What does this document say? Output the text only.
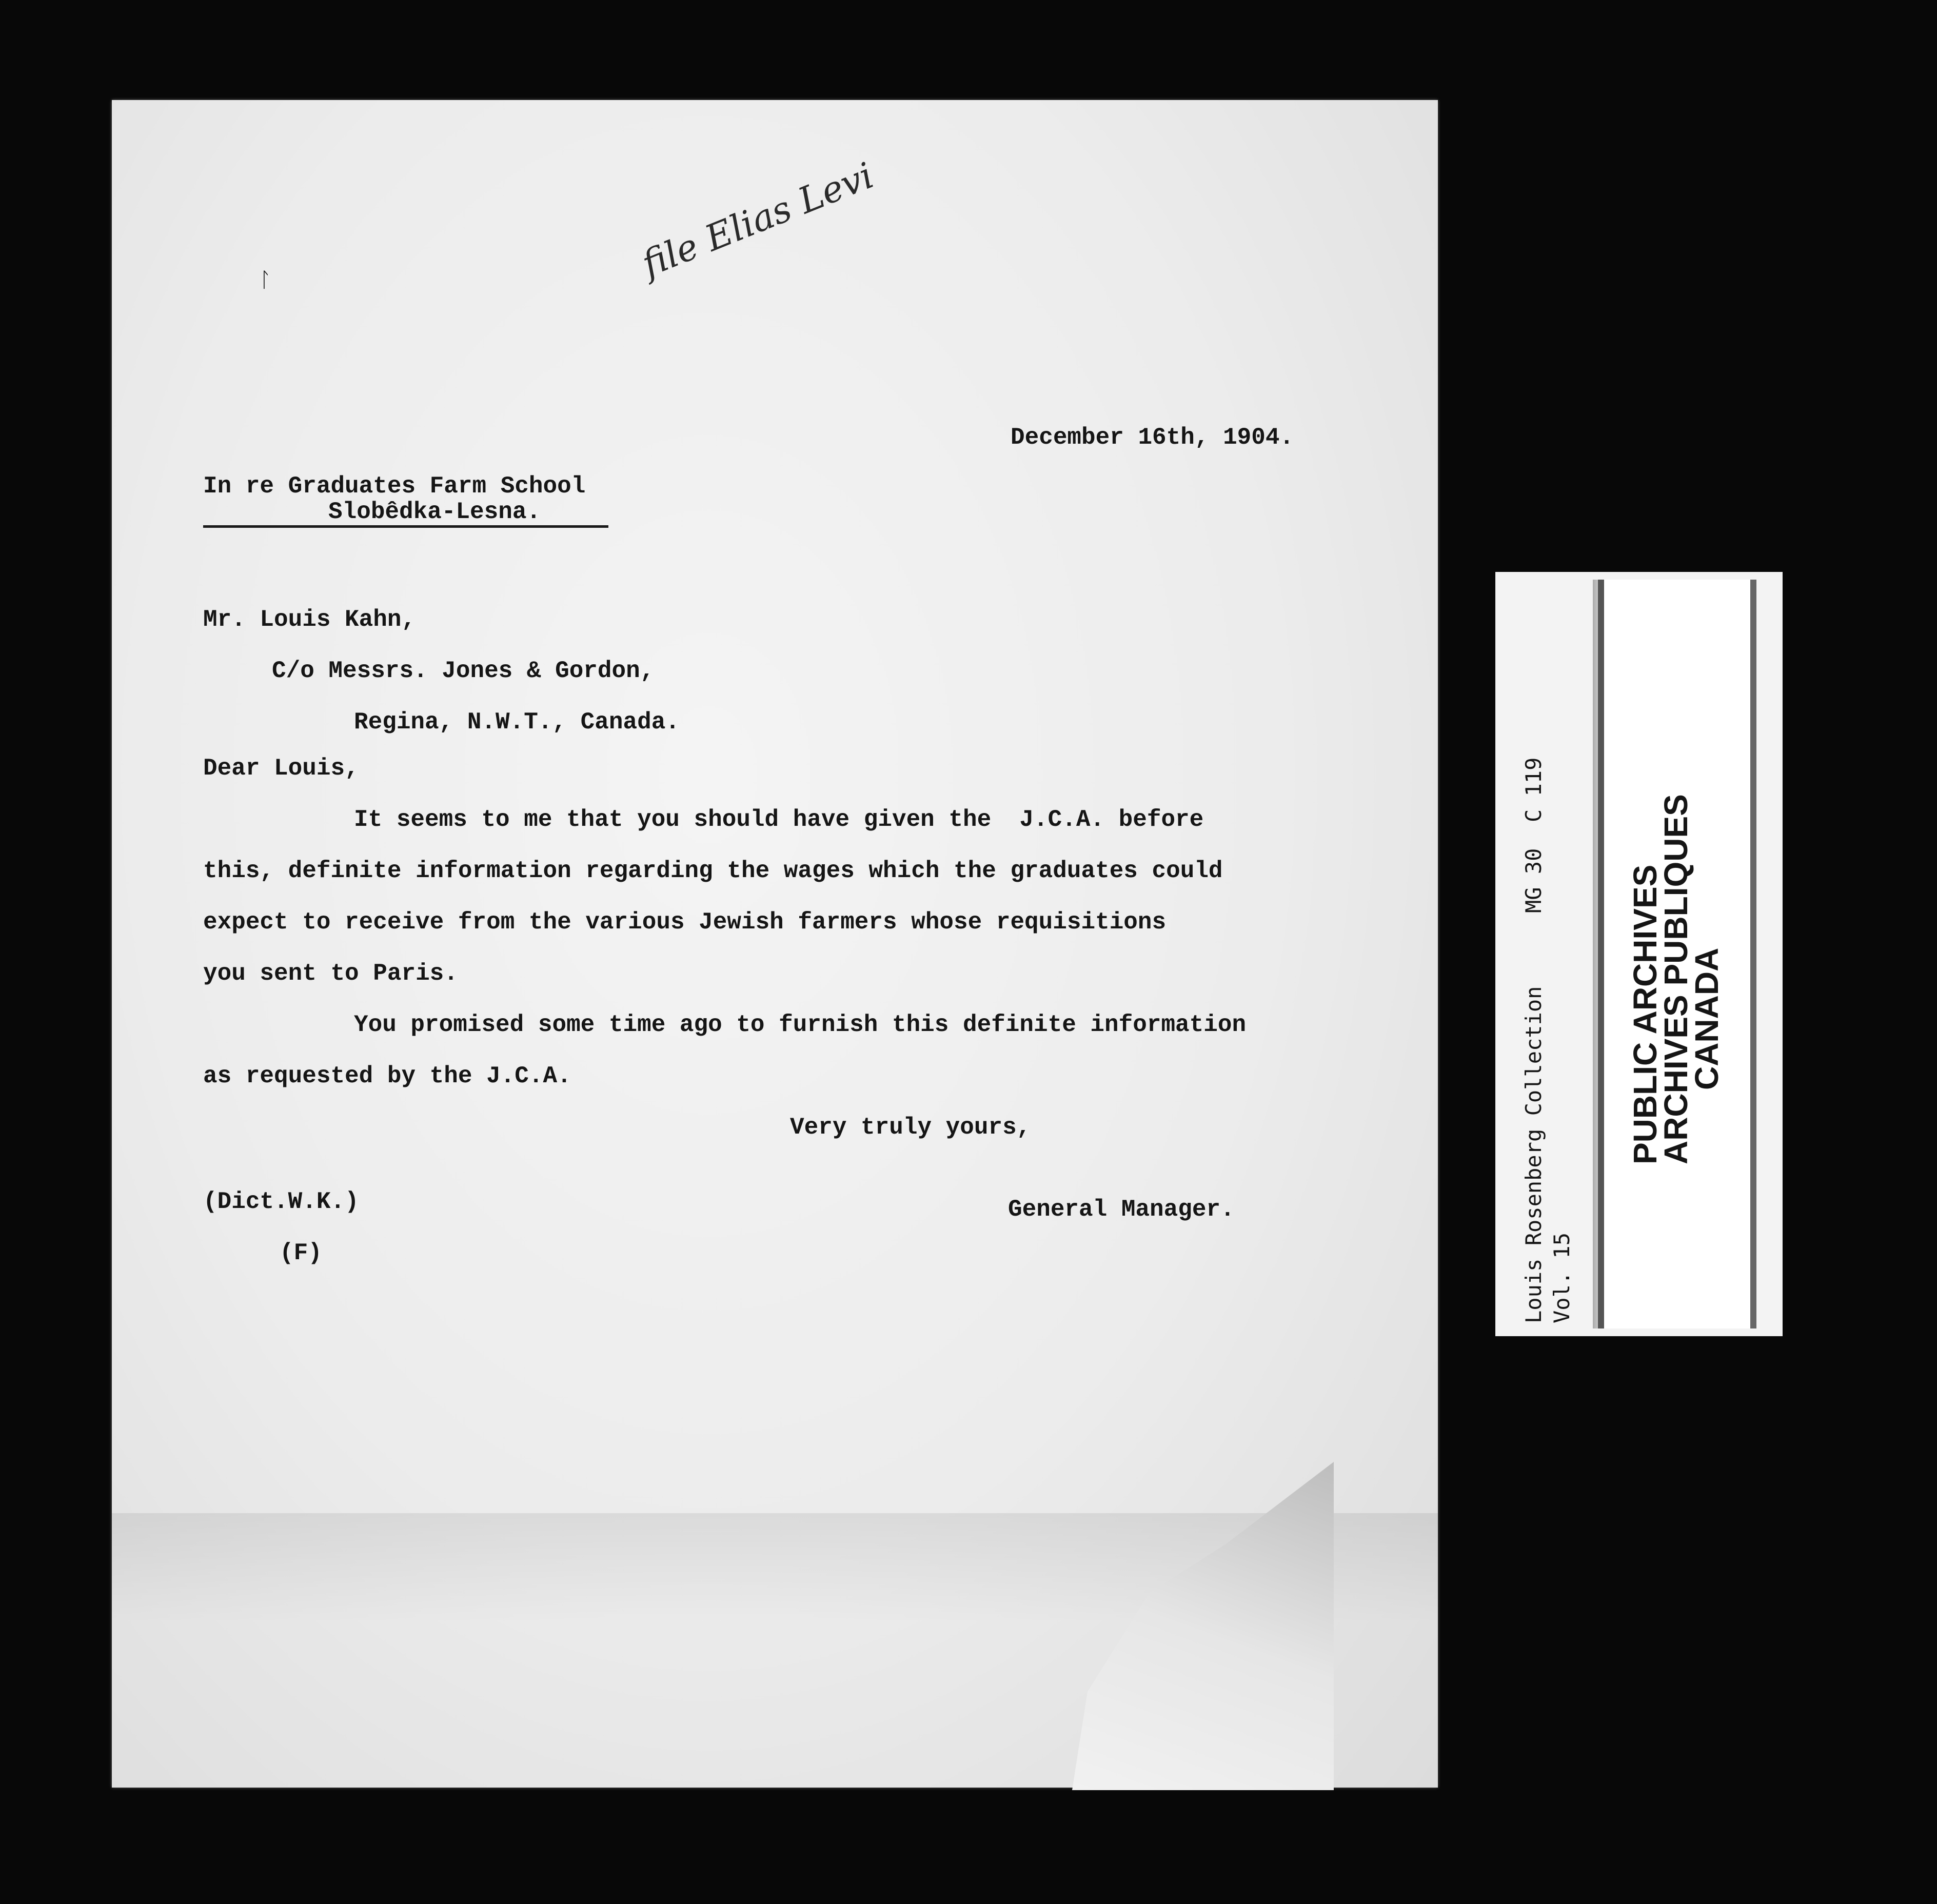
file Elias Levi
ᛚ

December 16th, 1904.

In re Graduates Farm School

Slobêdka-Lesna.

Mr. Louis Kahn,

C/o Messrs. Jones & Gordon,

Regina, N.W.T., Canada.

Dear Louis,

It seems to me that you should have given the  J.C.A. before

this, definite information regarding the wages which the graduates could

expect to receive from the various Jewish farmers whose requisitions

you sent to Paris.

You promised some time ago to furnish this definite information

as requested by the J.C.A.

Very truly yours,

(Dict.W.K.)	General Manager.

(F)	Louis Rosenberg Collection Vol. 15
MG 30  C 119
PUBLIC ARCHIVES
ARCHIVES PUBLIQUES
CANADA
